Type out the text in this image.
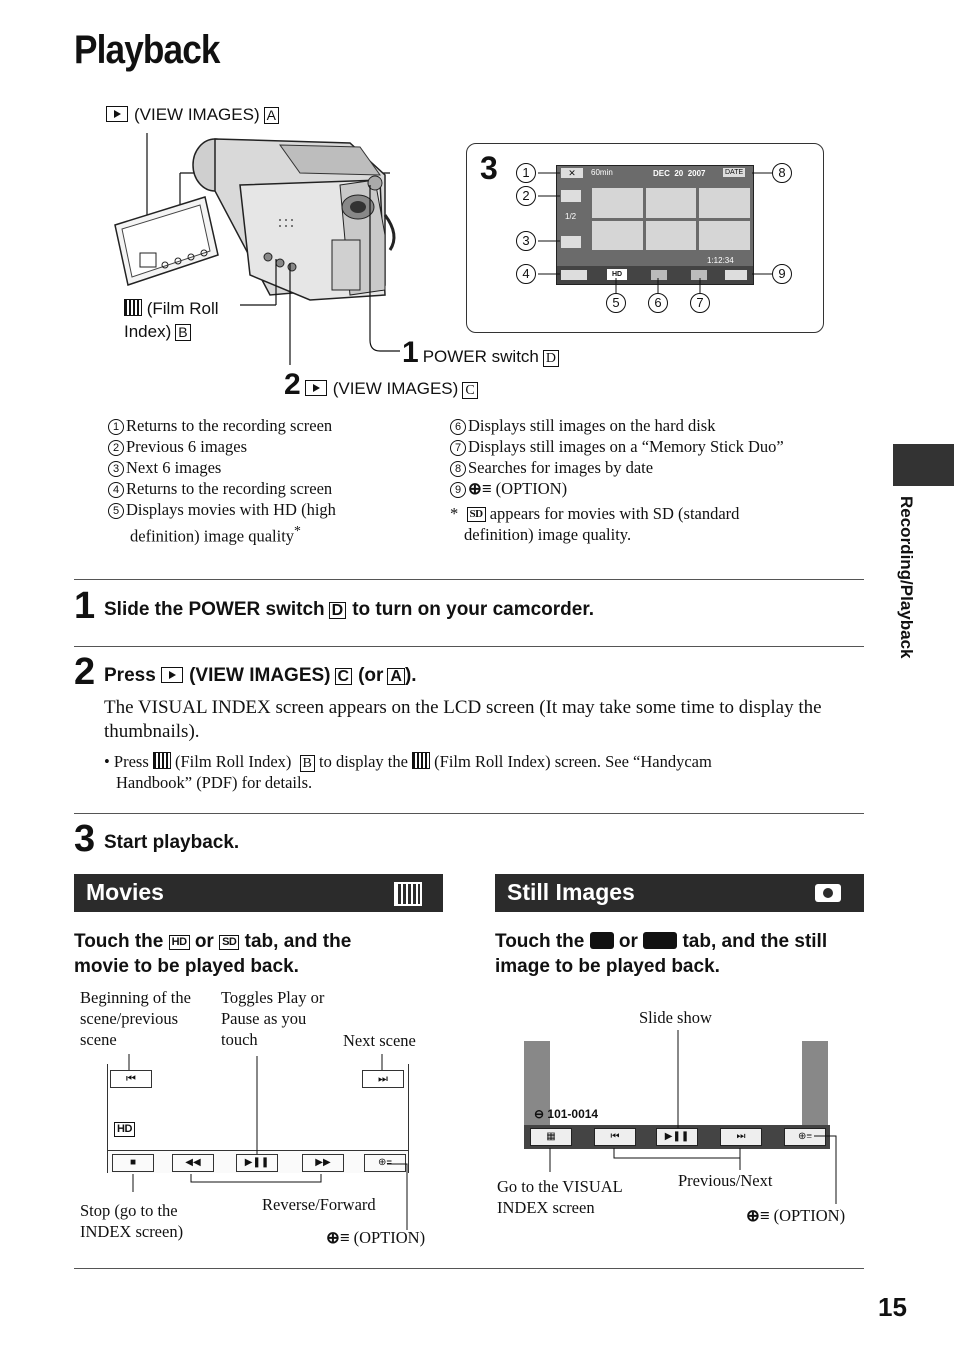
Playback
(VIEW IMAGES) A
(Film Roll
Index) B
1 POWER switch D
2 (VIEW IMAGES) C
3	✕	60min	DEC 20 2007	DATE
1/2
1:12:34
HD
1
2
3
4
5	6	7
8
9
1 Returns to the recording screen
2 Previous 6 images
3 Next 6 images
4 Returns to the recording screen
5 Displays movies with HD (high
definition) image quality*
6 Displays still images on the hard disk
7 Displays still images on a “Memory Stick Duo”
8 Searches for images by date
9 ⊕≡ (OPTION)
* SD appears for movies with SD (standard
definition) image quality.	Recording/Playback
1 Slide the POWER switch D to turn on your camcorder.
2 Press (VIEW IMAGES) C (or A ).
The VISUAL INDEX screen appears on the LCD screen (It may take some time to display the thumbnails).
• Press (Film Roll Index) B to display the (Film Roll Index) screen. See “Handycam
Handbook” (PDF) for details.
3 Start playback.
Movies
Touch the HD or SD tab, and the
movie to be played back.
Beginning of the scene/previous scene
Toggles Play or Pause as you touch	Next scene
⏮	⏭
HD
■	◀◀	▶❚❚	▶▶	⊕≡
Stop (go to the INDEX screen)
Reverse/Forward
⊕≡ (OPTION)
Still Images
Touch the or tab, and the still
image to be played back.
Slide show
⊖ 101-0014
▦	⏮	▶❚❚	⏭	⊕≡
Go to the VISUAL INDEX screen
Previous/Next
⊕≡ (OPTION)
15
